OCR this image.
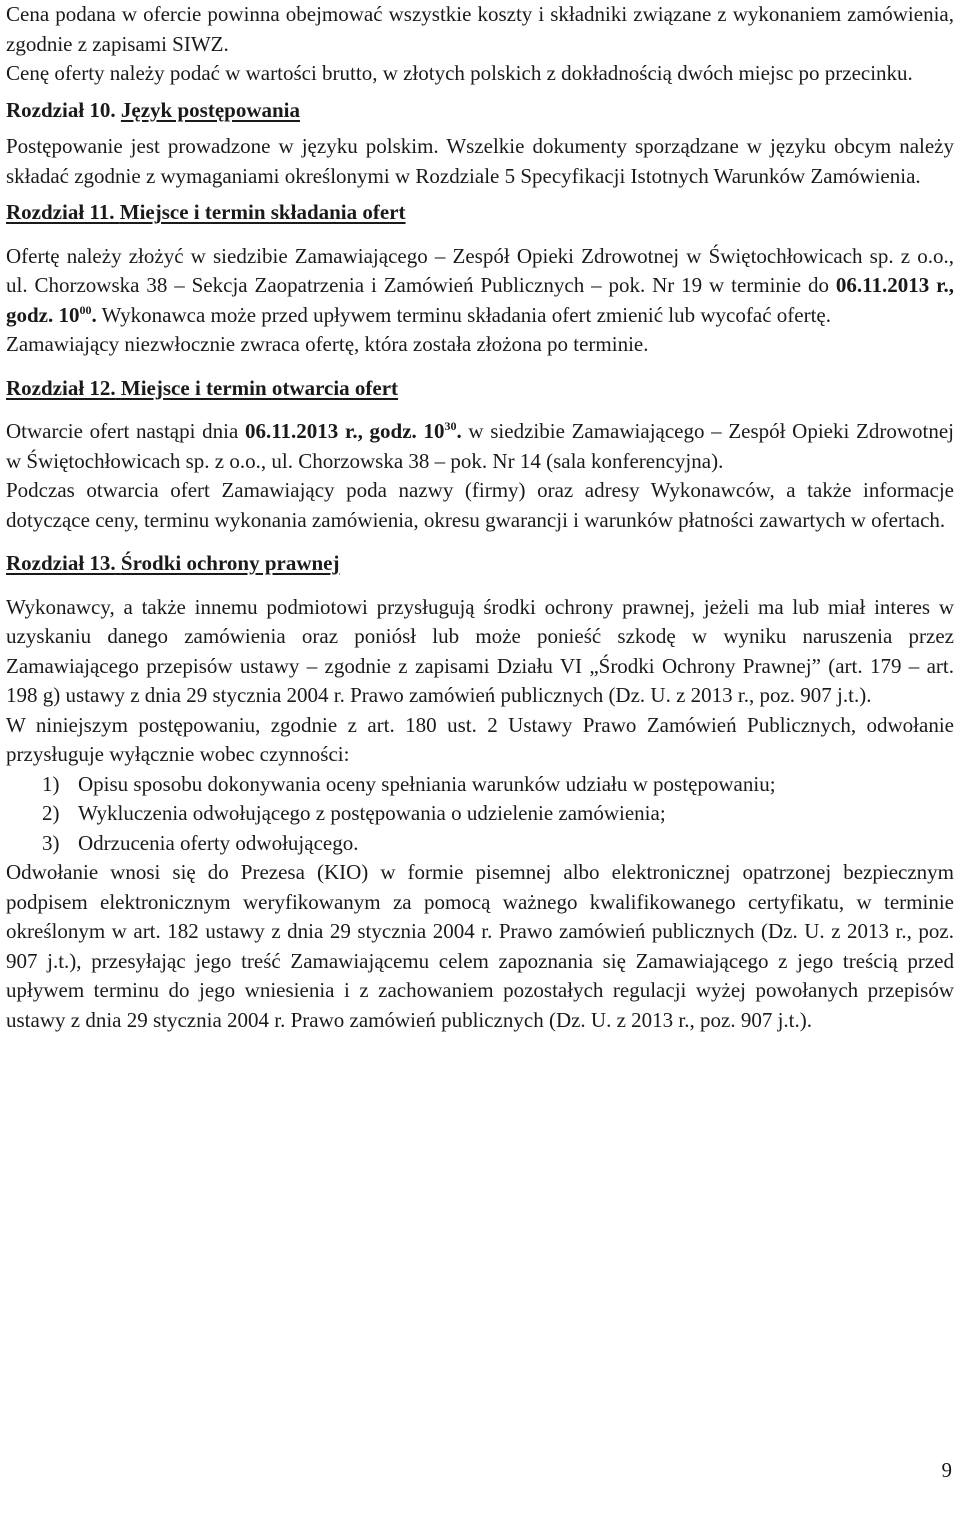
Cena podana w ofercie powinna obejmować wszystkie koszty i składniki związane z wykonaniem zamówienia, zgodnie z zapisami SIWZ.

Cenę oferty należy podać w wartości brutto, w złotych polskich z dokładnością dwóch miejsc po przecinku.

Rozdział 10. Język postępowania

Postępowanie jest prowadzone w języku polskim. Wszelkie dokumenty sporządzane w języku obcym należy składać zgodnie z wymaganiami określonymi w Rozdziale 5 Specyfikacji Istotnych Warunków Zamówienia.

Rozdział 11. Miejsce i termin składania ofert

Ofertę należy złożyć w siedzibie Zamawiającego – Zespół Opieki Zdrowotnej w Świętochłowicach sp. z o.o., ul. Chorzowska 38 – Sekcja Zaopatrzenia i Zamówień Publicznych – pok. Nr 19 w terminie do 06.11.2013 r., godz. $10^{00}$. Wykonawca może przed upływem terminu składania ofert zmienić lub wycofać ofertę.

Zamawiający niezwłocznie zwraca ofertę, która została złożona po terminie.

Rozdział 12. Miejsce i termin otwarcia ofert

Otwarcie ofert nastąpi dnia 06.11.2013 r., godz. $10^{30}$. w siedzibie Zamawiającego – Zespół Opieki Zdrowotnej w Świętochłowicach sp. z o.o., ul. Chorzowska 38 – pok. Nr 14 (sala konferencyjna).

Podczas otwarcia ofert Zamawiający poda nazwy (firmy) oraz adresy Wykonawców, a także informacje dotyczące ceny, terminu wykonania zamówienia, okresu gwarancji i warunków płatności zawartych w ofertach.

Rozdział 13. Środki ochrony prawnej

Wykonawcy, a także innemu podmiotowi przysługują środki ochrony prawnej, jeżeli ma lub miał interes w uzyskaniu danego zamówienia oraz poniósł lub może ponieść szkodę w wyniku naruszenia przez Zamawiającego przepisów ustawy – zgodnie z zapisami Działu VI „Środki Ochrony Prawnej” (art. 179 – art. 198 g) ustawy z dnia 29 stycznia 2004 r. Prawo zamówień publicznych (Dz. U. z 2013 r., poz. 907 j.t.).

W niniejszym postępowaniu, zgodnie z art. 180 ust. 2 Ustawy Prawo Zamówień Publicznych, odwołanie przysługuje wyłącznie wobec czynności:

1) Opisu sposobu dokonywania oceny spełniania warunków udziału w postępowaniu;
2) Wykluczenia odwołującego z postępowania o udzielenie zamówienia;
3) Odrzucenia oferty odwołującego.

Odwołanie wnosi się do Prezesa (KIO) w formie pisemnej albo elektronicznej opatrzonej bezpiecznym podpisem elektronicznym weryfikowanym za pomocą ważnego kwalifikowanego certyfikatu, w terminie określonym w art. 182 ustawy z dnia 29 stycznia 2004 r. Prawo zamówień publicznych (Dz. U. z 2013 r., poz. 907 j.t.), przesyłając jego treść Zamawiającemu celem zapoznania się Zamawiającego z jego treścią przed upływem terminu do jego wniesienia i z zachowaniem pozostałych regulacji wyżej powołanych przepisów ustawy z dnia 29 stycznia 2004 r. Prawo zamówień publicznych (Dz. U. z 2013 r., poz. 907 j.t.).

9
